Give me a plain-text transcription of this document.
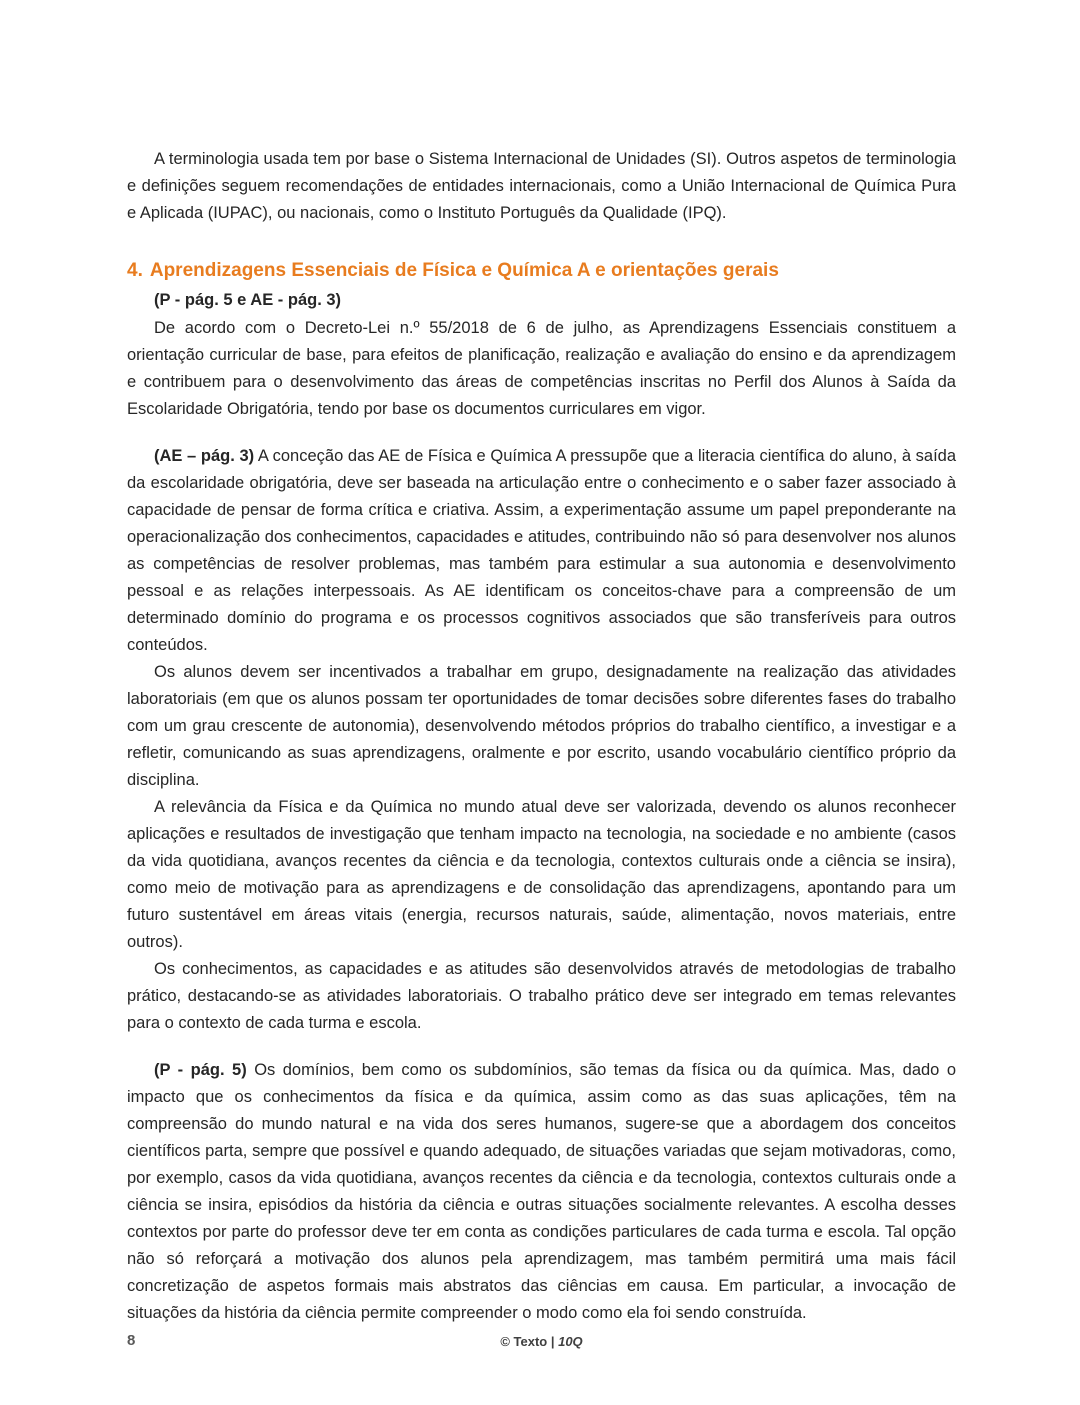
A terminologia usada tem por base o Sistema Internacional de Unidades (SI). Outros aspetos de terminologia e definições seguem recomendações de entidades internacionais, como a União Internacional de Química Pura e Aplicada (IUPAC), ou nacionais, como o Instituto Português da Qualidade (IPQ).

4. Aprendizagens Essenciais de Física e Química A e orientações gerais

(P - pág. 5 e AE - pág. 3)

De acordo com o Decreto-Lei n.º 55/2018 de 6 de julho, as Aprendizagens Essenciais constituem a orientação curricular de base, para efeitos de planificação, realização e avaliação do ensino e da aprendizagem e contribuem para o desenvolvimento das áreas de competências inscritas no Perfil dos Alunos à Saída da Escolaridade Obrigatória, tendo por base os documentos curriculares em vigor.

(AE – pág. 3) A conceção das AE de Física e Química A pressupõe que a literacia científica do aluno, à saída da escolaridade obrigatória, deve ser baseada na articulação entre o conhecimento e o saber fazer associado à capacidade de pensar de forma crítica e criativa. Assim, a experimentação assume um papel preponderante na operacionalização dos conhecimentos, capacidades e atitudes, contribuindo não só para desenvolver nos alunos as competências de resolver problemas, mas também para estimular a sua autonomia e desenvolvimento pessoal e as relações interpessoais. As AE identificam os conceitos-chave para a compreensão de um determinado domínio do programa e os processos cognitivos associados que são transferíveis para outros conteúdos.

Os alunos devem ser incentivados a trabalhar em grupo, designadamente na realização das atividades laboratoriais (em que os alunos possam ter oportunidades de tomar decisões sobre diferentes fases do trabalho com um grau crescente de autonomia), desenvolvendo métodos próprios do trabalho científico, a investigar e a refletir, comunicando as suas aprendizagens, oralmente e por escrito, usando vocabulário científico próprio da disciplina.

A relevância da Física e da Química no mundo atual deve ser valorizada, devendo os alunos reconhecer aplicações e resultados de investigação que tenham impacto na tecnologia, na sociedade e no ambiente (casos da vida quotidiana, avanços recentes da ciência e da tecnologia, contextos culturais onde a ciência se insira), como meio de motivação para as aprendizagens e de consolidação das aprendizagens, apontando para um futuro sustentável em áreas vitais (energia, recursos naturais, saúde, alimentação, novos materiais, entre outros).

Os conhecimentos, as capacidades e as atitudes são desenvolvidos através de metodologias de trabalho prático, destacando-se as atividades laboratoriais. O trabalho prático deve ser integrado em temas relevantes para o contexto de cada turma e escola.

(P - pág. 5) Os domínios, bem como os subdomínios, são temas da física ou da química. Mas, dado o impacto que os conhecimentos da física e da química, assim como as das suas aplicações, têm na compreensão do mundo natural e na vida dos seres humanos, sugere-se que a abordagem dos conceitos científicos parta, sempre que possível e quando adequado, de situações variadas que sejam motivadoras, como, por exemplo, casos da vida quotidiana, avanços recentes da ciência e da tecnologia, contextos culturais onde a ciência se insira, episódios da história da ciência e outras situações socialmente relevantes. A escolha desses contextos por parte do professor deve ter em conta as condições particulares de cada turma e escola. Tal opção não só reforçará a motivação dos alunos pela aprendizagem, mas também permitirá uma mais fácil concretização de aspetos formais mais abstratos das ciências em causa. Em particular, a invocação de situações da história da ciência permite compreender o modo como ela foi sendo construída.

8	© Texto | 10Q
